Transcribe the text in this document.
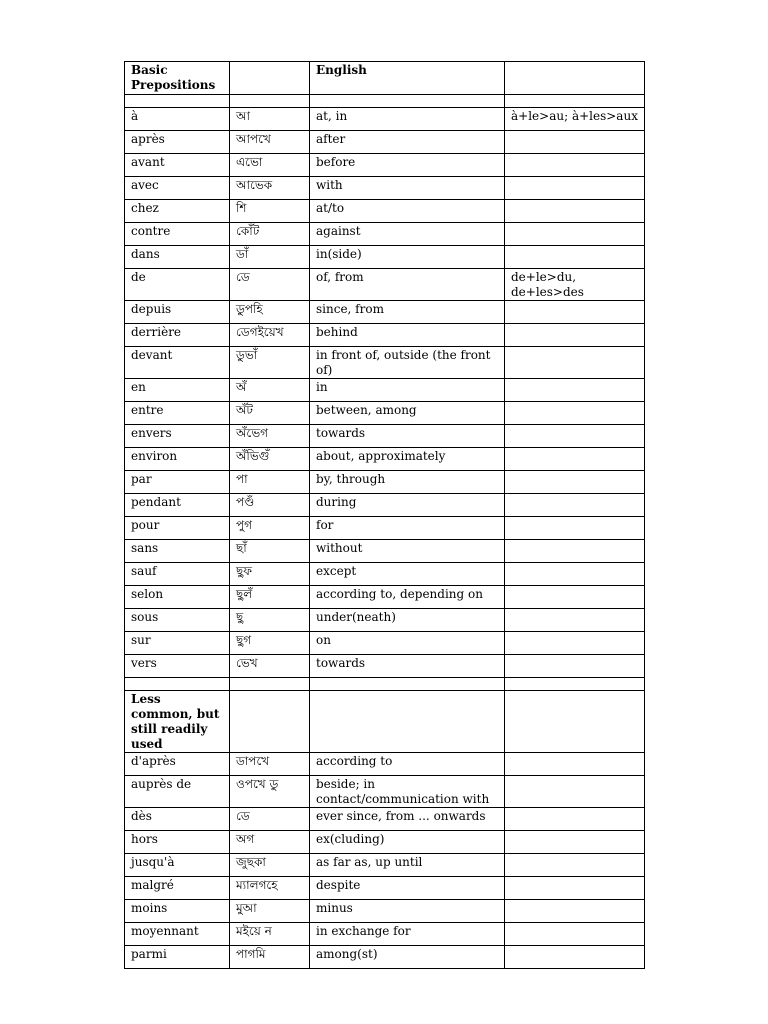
Basic Prepositions		English	

à	আ	at, in	à+le>au; à+les>aux
après	আপখে	after	
avant	এভো	before	
avec	আভেক	with	
chez	শি	at/to	
contre	কোঁট	against	
dans	ডাঁ	in(side)	
de	ডে	of, from	de+le>du, de+les>des
depuis	ডুপহি	since, from	
derrière	ডেগইয়েখ	behind	
devant	ডুভাঁ	in front of, outside (the front of)	
en	অঁ	in	
entre	অঁট	between, among	
envers	অঁভেগ	towards	
environ	অঁভিগুঁ	about, approximately	
par	পা	by, through	
pendant	পণ্ডঁ	during	
pour	পুগ	for	
sans	ছাঁ	without	
sauf	ছুফ	except	
selon	ছুলঁ	according to, depending on	
sous	ছু	under(neath)	
sur	ছুগ	on	
vers	ভেখ	towards	

Less common, but still readily used			
d'après	ডাপখে	according to	
auprès de	ওপখে ডু	beside; in contact/communication with	
dès	ডে	ever since, from ... onwards	
hors	অগ	ex(cluding)	
jusqu'à	জুছকা	as far as, up until	
malgré	ম্যালগহে	despite	
moins	মুআ	minus	
moyennant	মইয়ে ন	in exchange for	
parmi	পাগমি	among(st)	
